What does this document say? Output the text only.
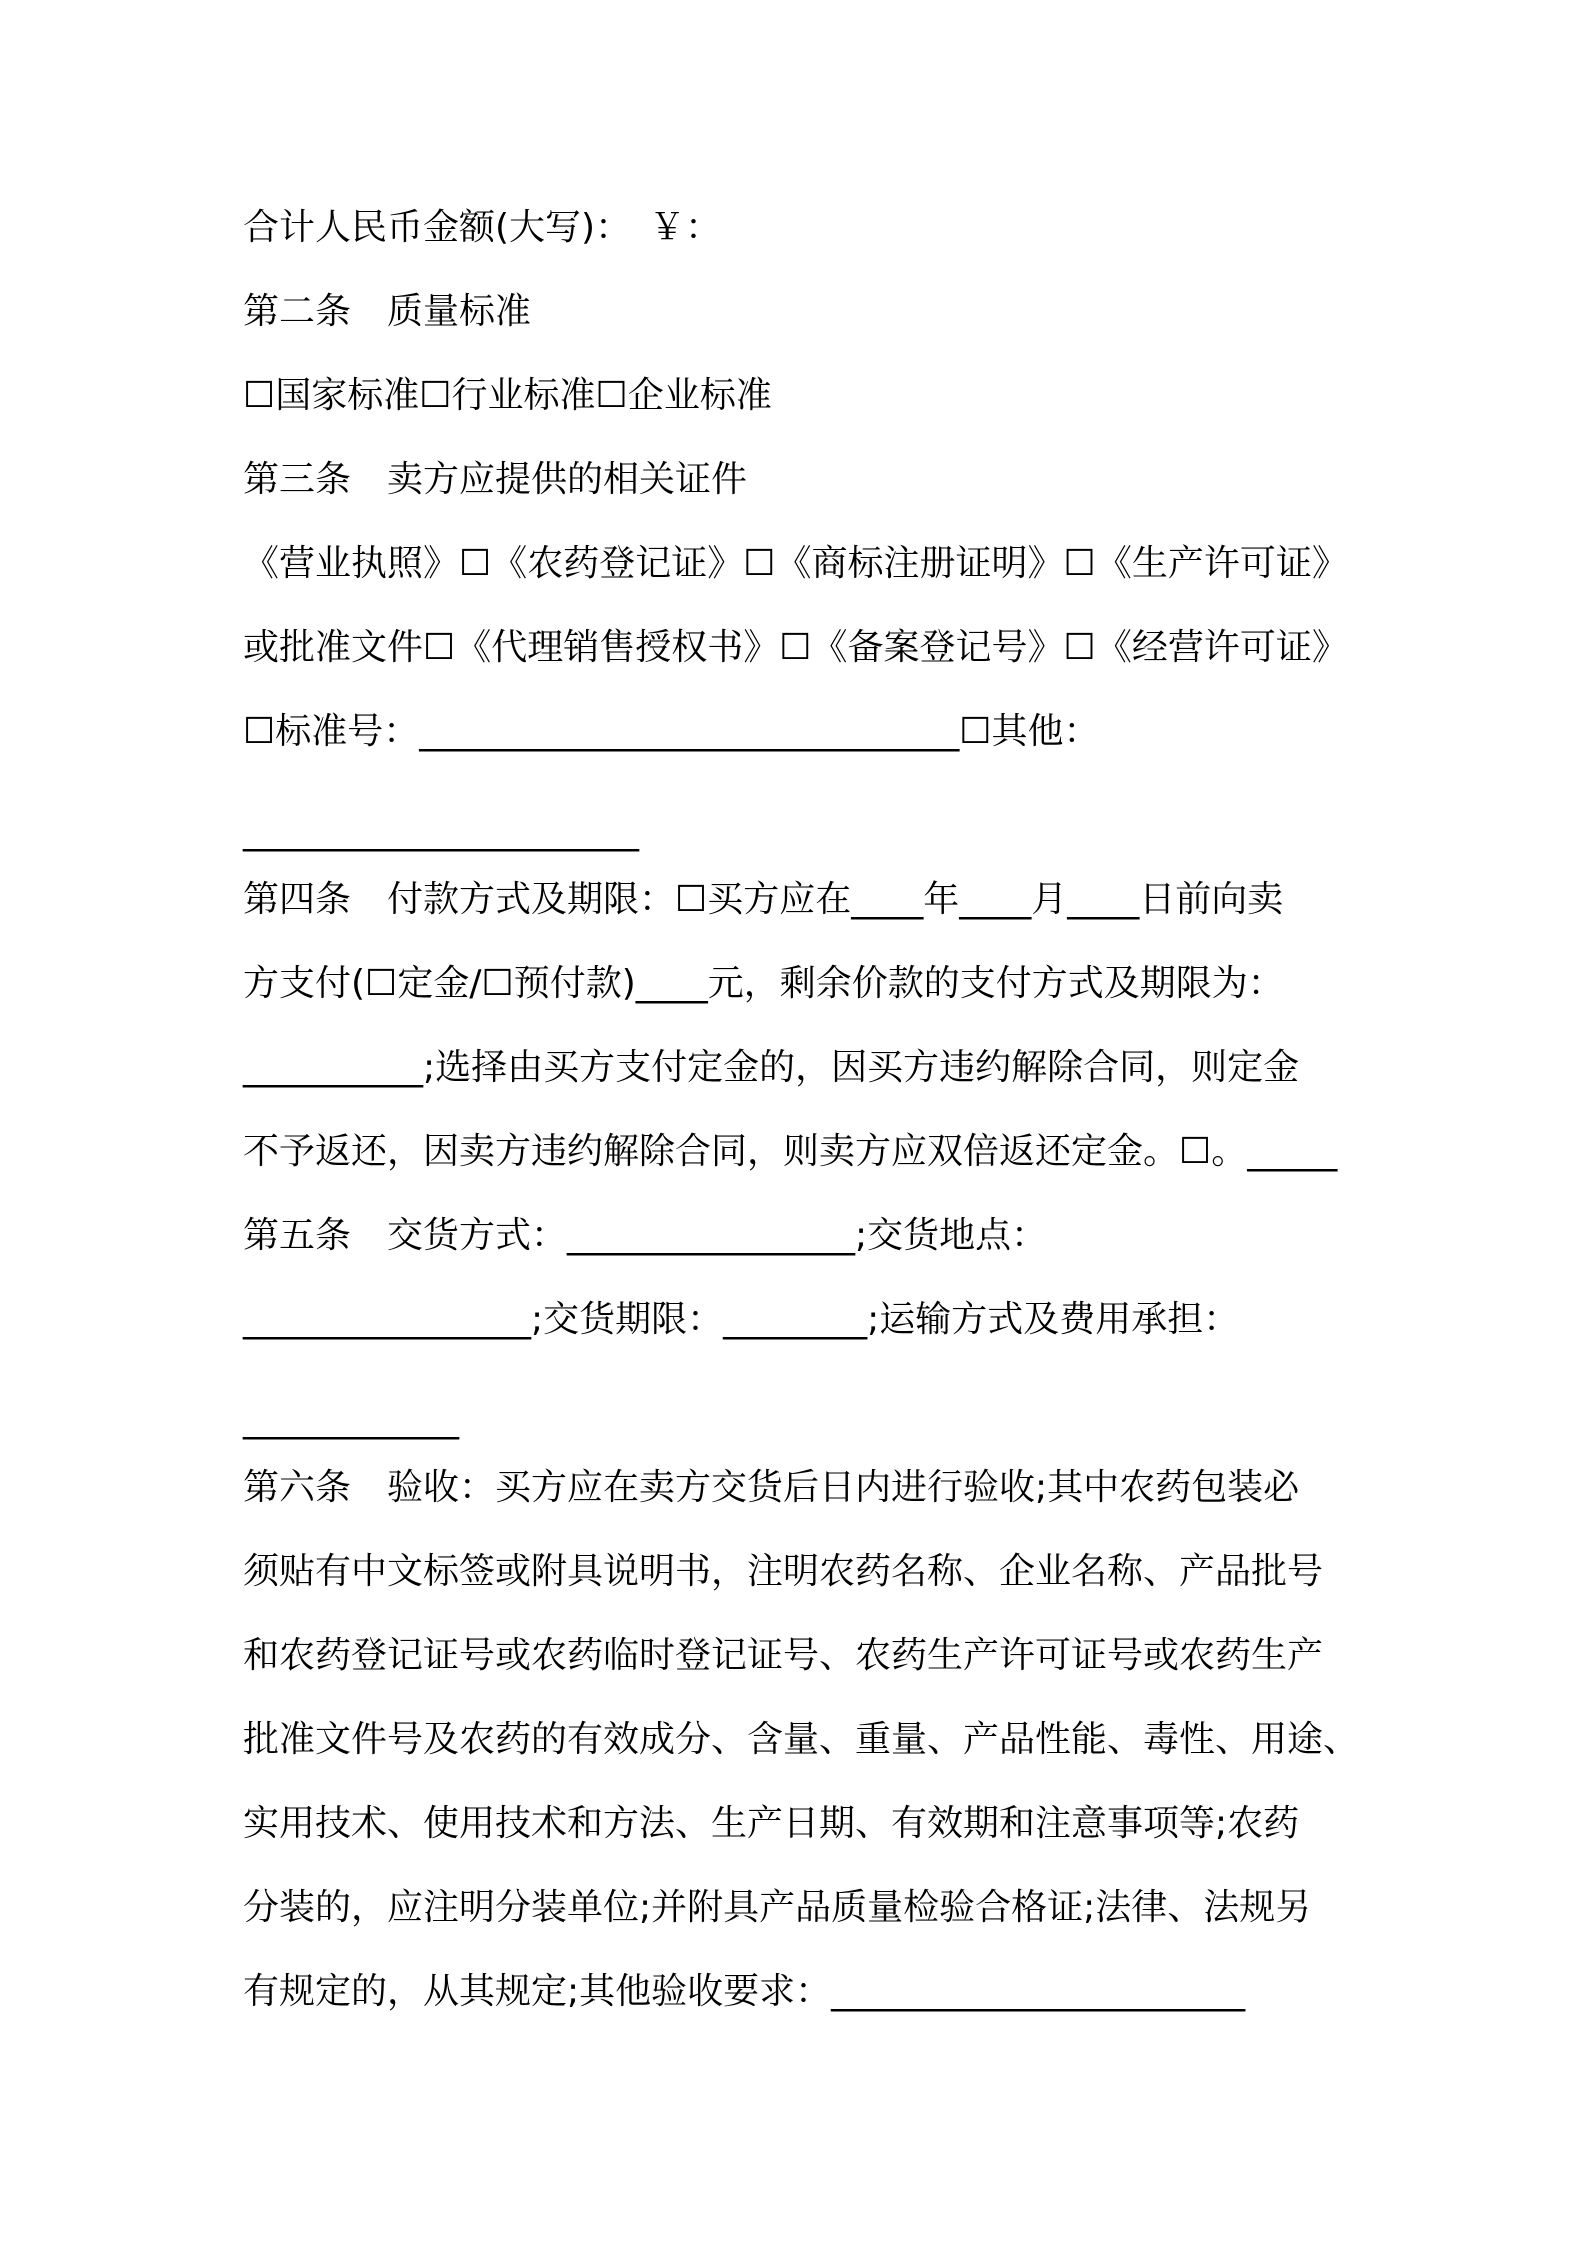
合计人民币金额(大写)：　￥：
第二条　质量标准
☐国家标准☐行业标准☐企业标准
第三条　卖方应提供的相关证件
《营业执照》☐《农药登记证》☐《商标注册证明》☐《生产许可证》
或批准文件☐《代理销售授权书》☐《备案登记号》☐《经营许可证》
☐标准号：______________________________☐其他：
______________________
第四条　付款方式及期限：☐买方应在____年____月____日前向卖
方支付(☐定金/☐预付款)____元，剩余价款的支付方式及期限为：
__________;选择由买方支付定金的，因买方违约解除合同，则定金
不予返还，因卖方违约解除合同，则卖方应双倍返还定金。☐。_____
第五条　交货方式：________________;交货地点：
________________;交货期限：________;运输方式及费用承担：
____________
第六条　验收：买方应在卖方交货后日内进行验收;其中农药包装必
须贴有中文标签或附具说明书，注明农药名称、企业名称、产品批号
和农药登记证号或农药临时登记证号、农药生产许可证号或农药生产
批准文件号及农药的有效成分、含量、重量、产品性能、毒性、用途、
实用技术、使用技术和方法、生产日期、有效期和注意事项等;农药
分装的，应注明分装单位;并附具产品质量检验合格证;法律、法规另
有规定的，从其规定;其他验收要求：_______________________
